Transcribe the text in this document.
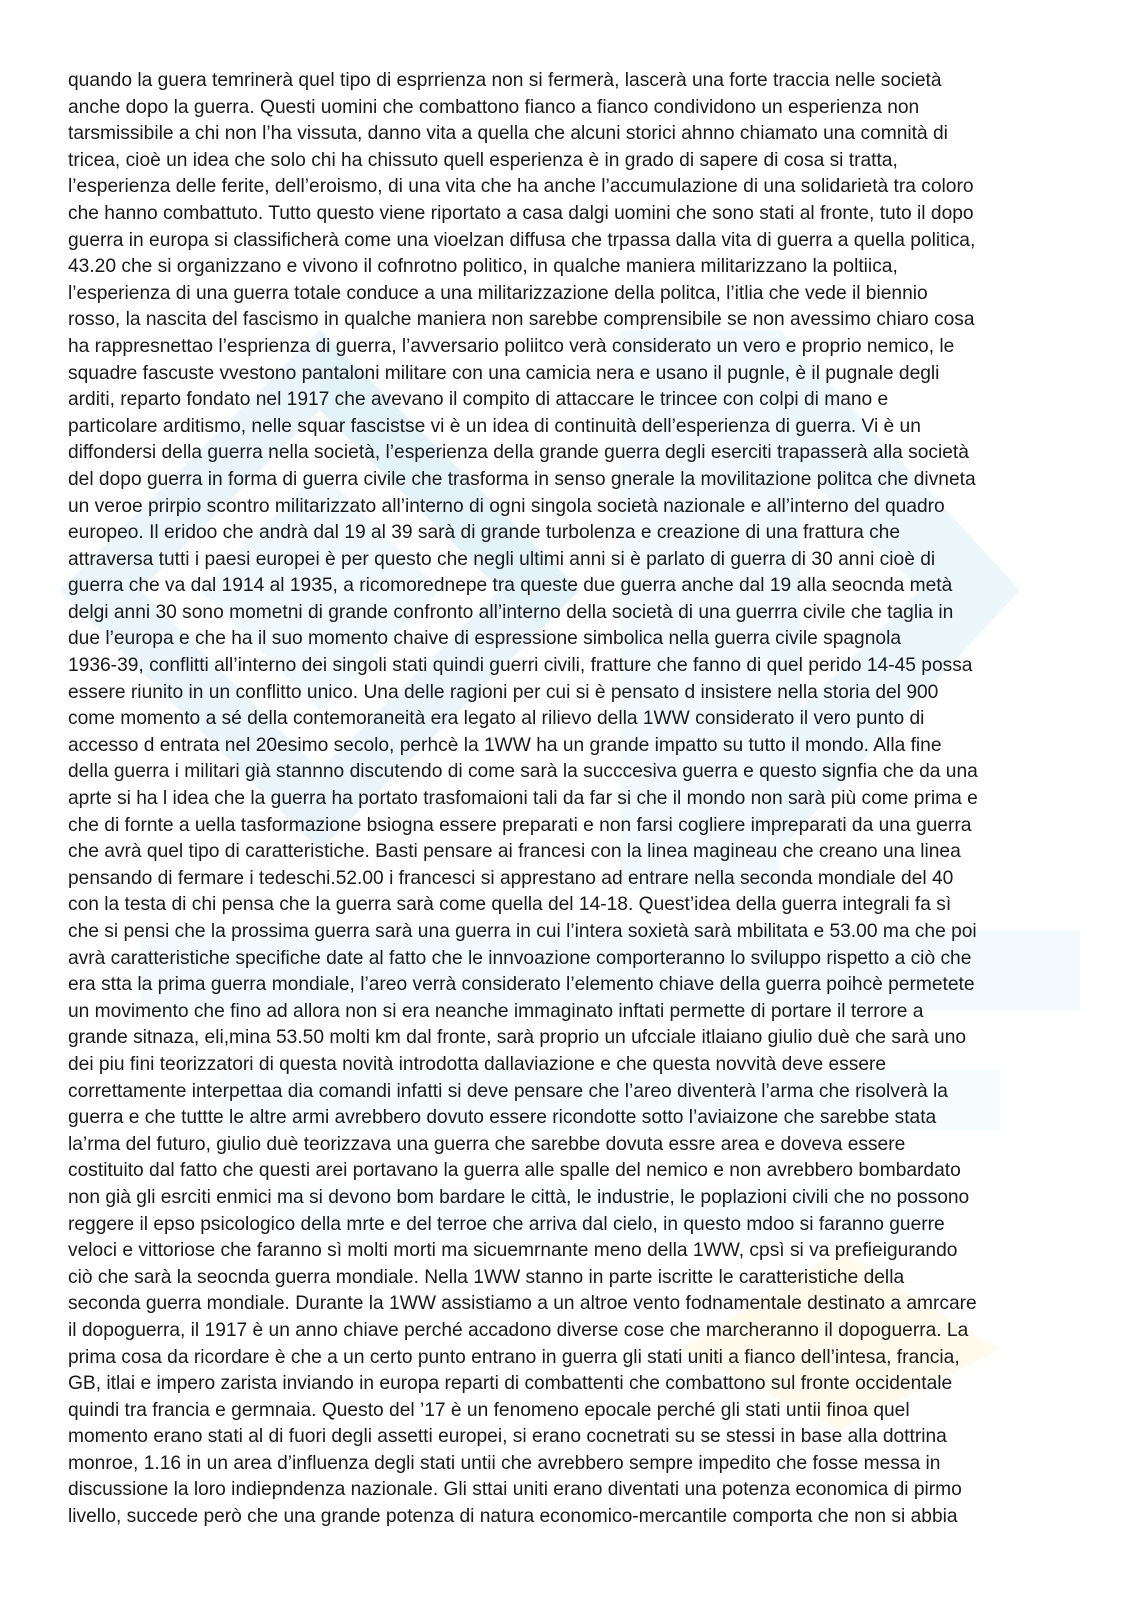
quando la guera temrinerà quel tipo di esprrienza non si fermerà, lascerà una forte traccia nelle società
anche dopo la guerra. Questi uomini che combattono fianco a fianco condividono un esperienza non
tarsmissibile a chi non l’ha vissuta, danno vita a quella che alcuni storici ahnno chiamato una comnità di
tricea, cioè un idea che solo chi ha chissuto quell esperienza è in grado di sapere di cosa si tratta,
l’esperienza delle ferite, dell’eroismo, di una vita che ha anche l’accumulazione di una solidarietà tra coloro
che hanno combattuto. Tutto questo viene riportato a casa dalgi uomini che sono stati al fronte, tuto il dopo
guerra in europa si classificherà come una vioelzan diffusa che trpassa dalla vita di guerra a quella politica,
43.20 che si organizzano e vivono il cofnrotno politico, in qualche maniera militarizzano la poltiica,
l’esperienza di una guerra totale conduce a una militarizzazione della politca, l’itlia che vede il biennio
rosso, la nascita del fascismo in qualche maniera non sarebbe comprensibile se non avessimo chiaro cosa
ha rappresnettao l’esprienza di guerra, l’avversario poliitco verà considerato un vero e proprio nemico, le
squadre fascuste vvestono pantaloni militare con una camicia nera e usano il pugnle, è il pugnale degli
arditi, reparto fondato nel 1917 che avevano il compito di attaccare le trincee con colpi di mano e
particolare arditismo, nelle squar fascistse vi è un idea di continuità dell’esperienza di guerra. Vi è un
diffondersi della guerra nella società, l’esperienza della grande guerra degli eserciti trapasserà alla società
del dopo guerra in forma di guerra civile che trasforma in senso gnerale la movilitazione politca che divneta
un veroe prirpio scontro militarizzato all’interno di ogni singola società nazionale e all’interno del quadro
europeo. Il eridoo che andrà dal 19 al 39 sarà di grande turbolenza e creazione di una frattura che
attraversa tutti i paesi europei è per questo che negli ultimi anni si è parlato di guerra di 30 anni cioè di
guerra che va dal 1914 al 1935, a ricomoredneре tra queste due guerra anche dal 19 alla seocnda metà
delgi anni 30 sono mometni di grande confronto all’interno della società di una guerrra civile che taglia in
due l’europa e che ha il suo momento chaive di espressione simbolica nella guerra civile spagnola
1936-39, conflitti all’interno dei singoli stati quindi guerri civili, fratture che fanno di quel perido 14-45 possa
essere riunito in un conflitto unico. Una delle ragioni per cui si è pensato d insistere nella storia del 900
come momento a sé della contemoraneità era legato al rilievo della 1WW considerato il vero punto di
accesso d entrata nel 20esimo secolo, perhcè la 1WW ha un grande impatto su tutto il mondo. Alla fine
della guerra i militari già stannno discutendo di come sarà la succcesiva guerra e questo signfia che da una
aprte si ha l idea che la guerra ha portato trasfomaioni tali da far si che il mondo non sarà più come prima e
che di fornte a uella tasformazione bsiogna essere preparati e non farsi cogliere impreparati da una guerra
che avrà quel tipo di caratteristiche. Basti pensare ai francesi con la linea magineau che creano una linea
pensando di fermare i tedeschi.52.00 i francesci si apprestano ad entrare nella seconda mondiale del 40
con la testa di chi pensa che la guerra sarà come quella del 14-18. Quest’idea della guerra integrali fa sì
che si pensi che la prossima guerra sarà una guerra in cui l’intera soxietà sarà mbilitata e 53.00 ma che poi
avrà caratteristiche specifiche date al fatto che le innvoazione comporteranno lo sviluppo rispetto a ciò che
era stta la prima guerra mondiale, l’areo verrà considerato l’elemento chiave della guerra poihcè permetete
un movimento che fino ad allora non si era neanche immaginato inftati permette di portare il terrore a
grande sitnaza, eli,mina 53.50 molti km dal fronte, sarà proprio un ufcciale itlaiano giulio duè che sarà uno
dei piu fini teorizzatori di questa novità introdotta dallaviazione e che questa novvità deve essere
correttamente interpettaa dia comandi infatti si deve pensare che l’areo diventerà l’arma che risolverà la
guerra e che tuttte le altre armi avrebbero dovuto essere ricondotte sotto l’aviaizone che sarebbe stata
la’rma del futuro, giulio duè teorizzava una guerra che sarebbe dovuta essre area e doveva essere
costituito dal fatto che questi arei portavano la guerra alle spalle del nemico e non avrebbero bombardato
non già gli esrciti enmici ma si devono bom bardare le città, le industrie, le poplazioni civili che no possono
reggere il epso psicologico della mrte e del terroe che arriva dal cielo, in questo mdoo si faranno guerre
veloci e vittoriose che faranno sì molti morti ma sicuemrnante meno della 1WW, cpsì si va prefieigurando
ciò che sarà la seocnda guerra mondiale. Nella 1WW stanno in parte iscritte le caratteristiche della
seconda guerra mondiale. Durante la 1WW assistiamo a un altroe vento fodnamentale destinato a amrcare
il dopoguerra, il 1917 è un anno chiave perché accadono diverse cose che marcheranno il dopoguerra. La
prima cosa da ricordare è che a un certo punto entrano in guerra gli stati uniti a fianco dell’intesa, francia,
GB, itlai e impero zarista inviando in europa reparti di combattenti che combattono sul fronte occidentale
quindi tra francia e germnaia. Questo del ’17 è un fenomeno epocale perché gli stati untii finoa quel
momento erano stati al di fuori degli assetti europei, si erano cocnetrati su se stessi in base alla dottrina
monroe, 1.16 in un area d’influenza degli stati untii che avrebbero sempre impedito che fosse messa in
discussione la loro indiepndenza nazionale. Gli sttai uniti erano diventati una potenza economica di pirmo
livello, succede però che una grande potenza di natura economico-mercantile comporta che non si abbia
